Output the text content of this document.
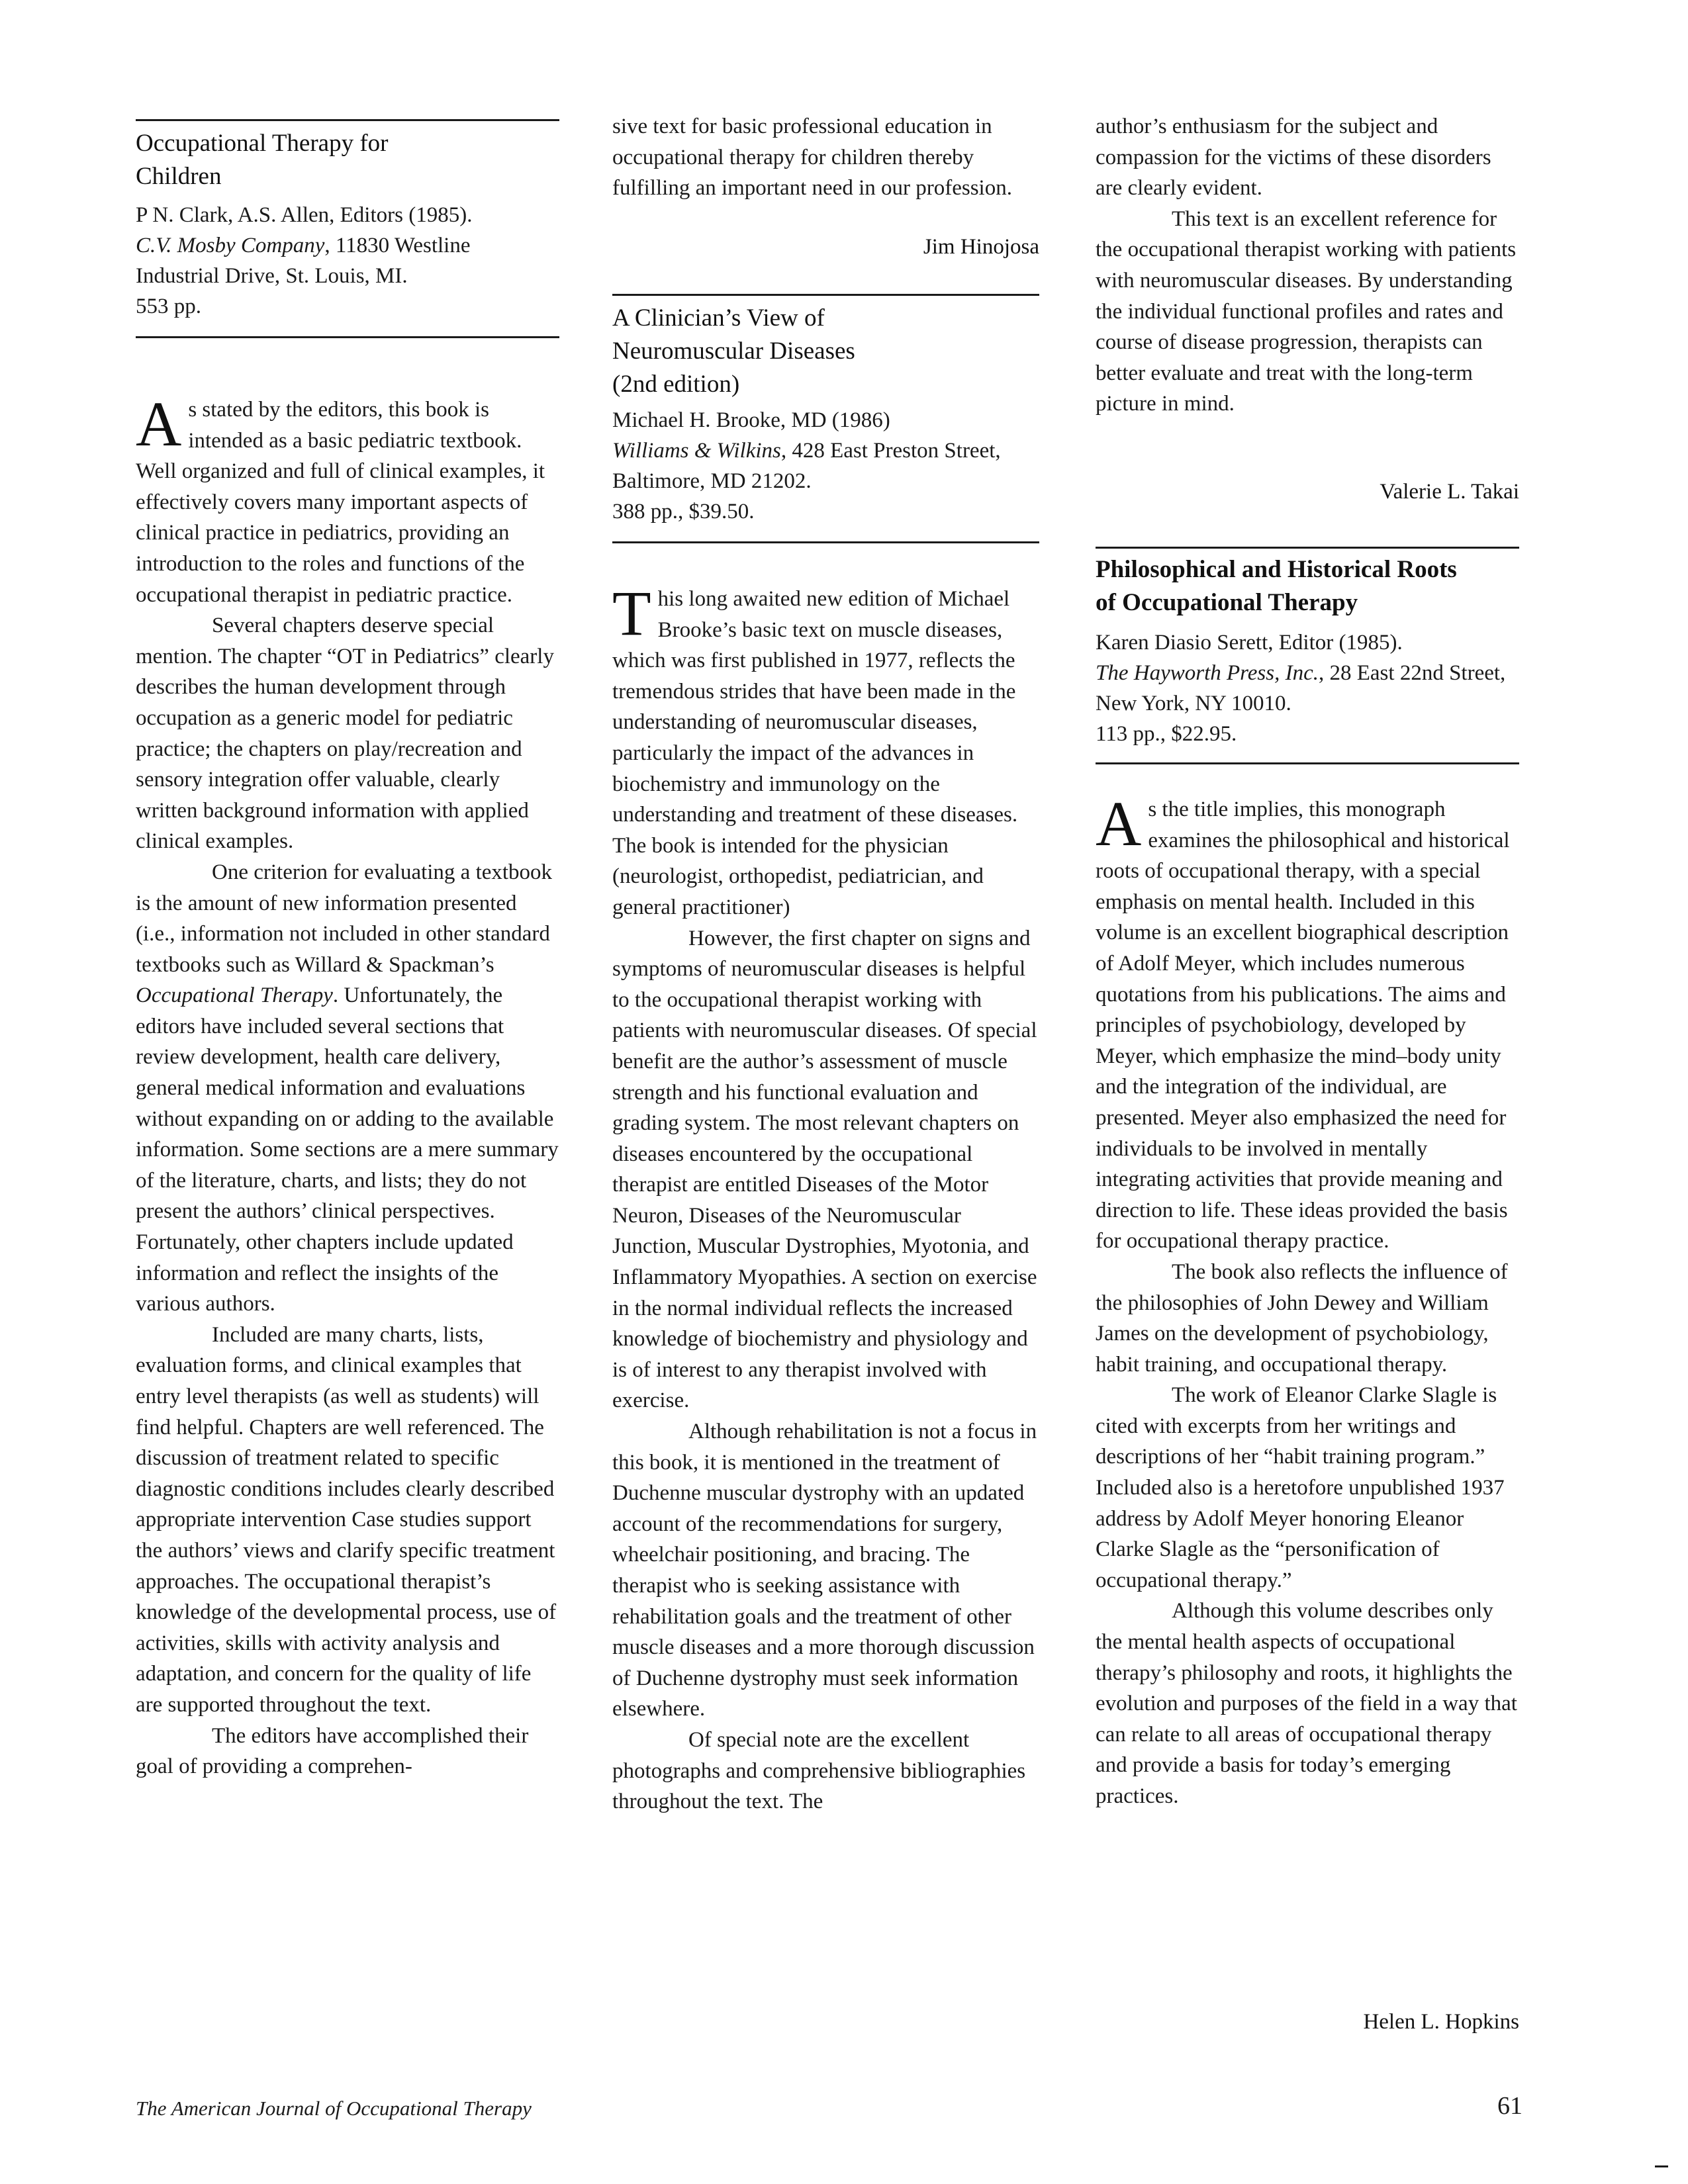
Occupational Therapy for Children
P N. Clark, A.S. Allen, Editors (1985).
C.V. Mosby Company, 11830 Westline Industrial Drive, St. Louis, MI.
553 pp.

As stated by the editors, this book is intended as a basic pediatric textbook. Well organized and full of clinical examples, it effectively covers many important aspects of clinical practice in pediatrics, providing an introduction to the roles and functions of the occupational therapist in pediatric practice.

Several chapters deserve special mention. The chapter “OT in Pediatrics” clearly describes the human development through occupation as a generic model for pediatric practice; the chapters on play/recreation and sensory integration offer valuable, clearly written background information with applied clinical examples.

One criterion for evaluating a textbook is the amount of new information presented (i.e., information not included in other standard textbooks such as Willard & Spackman’s Occupational Therapy. Unfortunately, the editors have included several sections that review development, health care delivery, general medical information and evaluations without expanding on or adding to the available information. Some sections are a mere summary of the literature, charts, and lists; they do not present the authors’ clinical perspectives. Fortunately, other chapters include updated information and reflect the insights of the various authors.

Included are many charts, lists, evaluation forms, and clinical examples that entry level therapists (as well as students) will find helpful. Chapters are well referenced. The discussion of treatment related to specific diagnostic conditions includes clearly described appropriate intervention Case studies support the authors’ views and clarify specific treatment approaches. The occupational therapist’s knowledge of the developmental process, use of activities, skills with activity analysis and adaptation, and concern for the quality of life are supported throughout the text.

The editors have accomplished their goal of providing a comprehen-

sive text for basic professional education in occupational therapy for children thereby fulfilling an important need in our profession.

Jim Hinojosa
A Clinician’s View of
Neuromuscular Diseases
(2nd edition)
Michael H. Brooke, MD (1986)
Williams & Wilkins, 428 East Preston Street, Baltimore, MD 21202.
388 pp., $39.50.

This long awaited new edition of Michael Brooke’s basic text on muscle diseases, which was first published in 1977, reflects the tremendous strides that have been made in the understanding of neuromuscular diseases, particularly the impact of the advances in biochemistry and immunology on the understanding and treatment of these diseases. The book is intended for the physician (neurologist, orthopedist, pediatrician, and general practitioner)

However, the first chapter on signs and symptoms of neuromuscular diseases is helpful to the occupational therapist working with patients with neuromuscular diseases. Of special benefit are the author’s assessment of muscle strength and his functional evaluation and grading system. The most relevant chapters on diseases encountered by the occupational therapist are entitled Diseases of the Motor Neuron, Diseases of the Neuromuscular Junction, Muscular Dystrophies, Myotonia, and Inflammatory Myopathies. A section on exercise in the normal individual reflects the increased knowledge of biochemistry and physiology and is of interest to any therapist involved with exercise.

Although rehabilitation is not a focus in this book, it is mentioned in the treatment of Duchenne muscular dystrophy with an updated account of the recommendations for surgery, wheelchair positioning, and bracing. The therapist who is seeking assistance with rehabilitation goals and the treatment of other muscle diseases and a more thorough discussion of Duchenne dystrophy must seek information elsewhere.

Of special note are the excellent photographs and comprehensive bibliographies throughout the text. The

author’s enthusiasm for the subject and compassion for the victims of these disorders are clearly evident.

This text is an excellent reference for the occupational therapist working with patients with neuromuscular diseases. By understanding the individual functional profiles and rates and course of disease progression, therapists can better evaluate and treat with the long-term picture in mind.

Valerie L. Takai
Philosophical and Historical Roots
of Occupational Therapy
Karen Diasio Serett, Editor (1985).
The Hayworth Press, Inc., 28 East 22nd Street, New York, NY 10010.
113 pp., $22.95.

As the title implies, this monograph examines the philosophical and historical roots of occupational therapy, with a special emphasis on mental health. Included in this volume is an excellent biographical description of Adolf Meyer, which includes numerous quotations from his publications. The aims and principles of psychobiology, developed by Meyer, which emphasize the mind–body unity and the integration of the individual, are presented. Meyer also emphasized the need for individuals to be involved in mentally integrating activities that provide meaning and direction to life. These ideas provided the basis for occupational therapy practice.

The book also reflects the influence of the philosophies of John Dewey and William James on the development of psychobiology, habit training, and occupational therapy.

The work of Eleanor Clarke Slagle is cited with excerpts from her writings and descriptions of her “habit training program.” Included also is a heretofore unpublished 1937 address by Adolf Meyer honoring Eleanor Clarke Slagle as the “personification of occupational therapy.”

Although this volume describes only the mental health aspects of occupational therapy’s philosophy and roots, it highlights the evolution and purposes of the field in a way that can relate to all areas of occupational therapy and provide a basis for today’s emerging practices.

Helen L. Hopkins
The American Journal of Occupational Therapy	61
